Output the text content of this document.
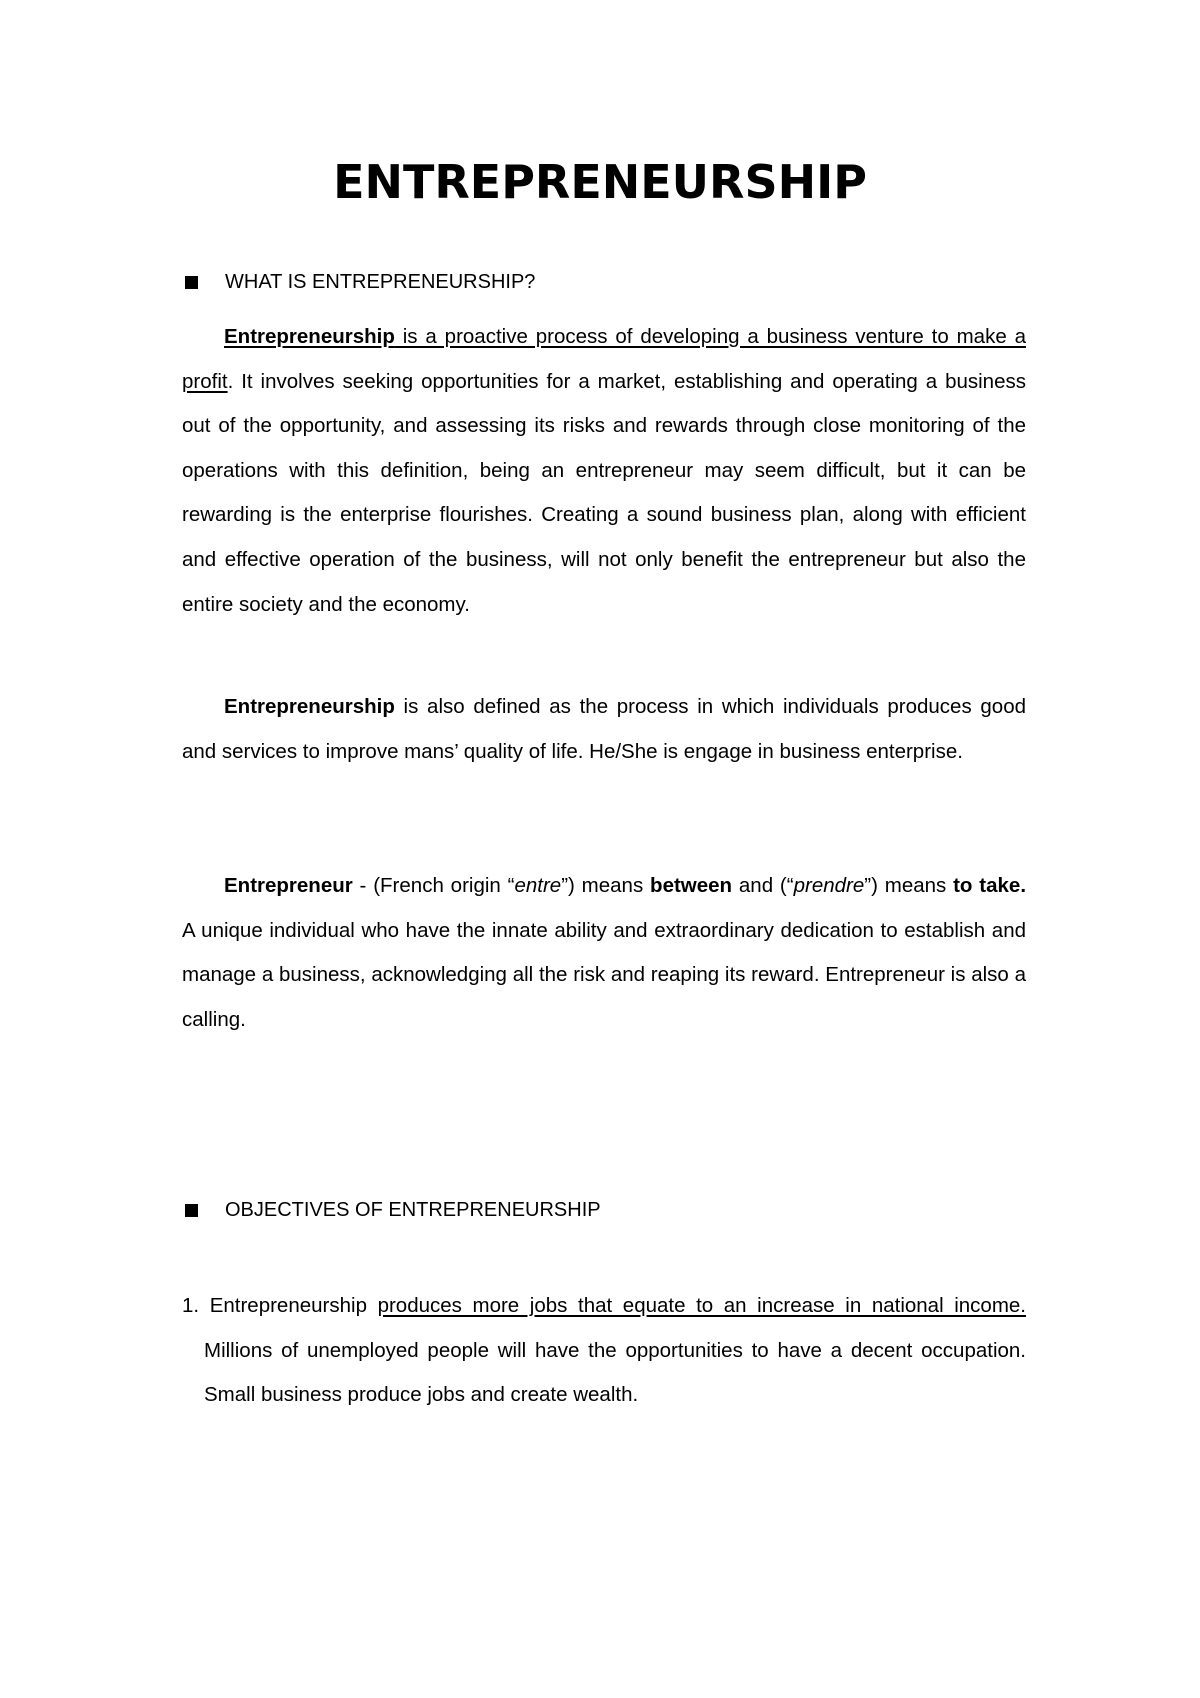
ENTREPRENEURSHIP
WHAT IS ENTREPRENEURSHIP?

Entrepreneurship is a proactive process of developing a business venture to make a profit. It involves seeking opportunities for a market, establishing and operating a business out of the opportunity, and assessing its risks and rewards through close monitoring of the operations with this definition, being an entrepreneur may seem difficult, but it can be rewarding is the enterprise flourishes. Creating a sound business plan, along with efficient and effective operation of the business, will not only benefit the entrepreneur but also the entire society and the economy.

Entrepreneurship is also defined as the process in which individuals produces good and services to improve mans’ quality of life. He/She is engage in business enterprise.

Entrepreneur - (French origin “entre”) means between and (“prendre”) means to take. A unique individual who have the innate ability and extraordinary dedication to establish and manage a business, acknowledging all the risk and reaping its reward. Entrepreneur is also a calling.

OBJECTIVES OF ENTREPRENEURSHIP

1. Entrepreneurship produces more jobs that equate to an increase in national income. Millions of unemployed people will have the opportunities to have a decent occupation. Small business produce jobs and create wealth.
